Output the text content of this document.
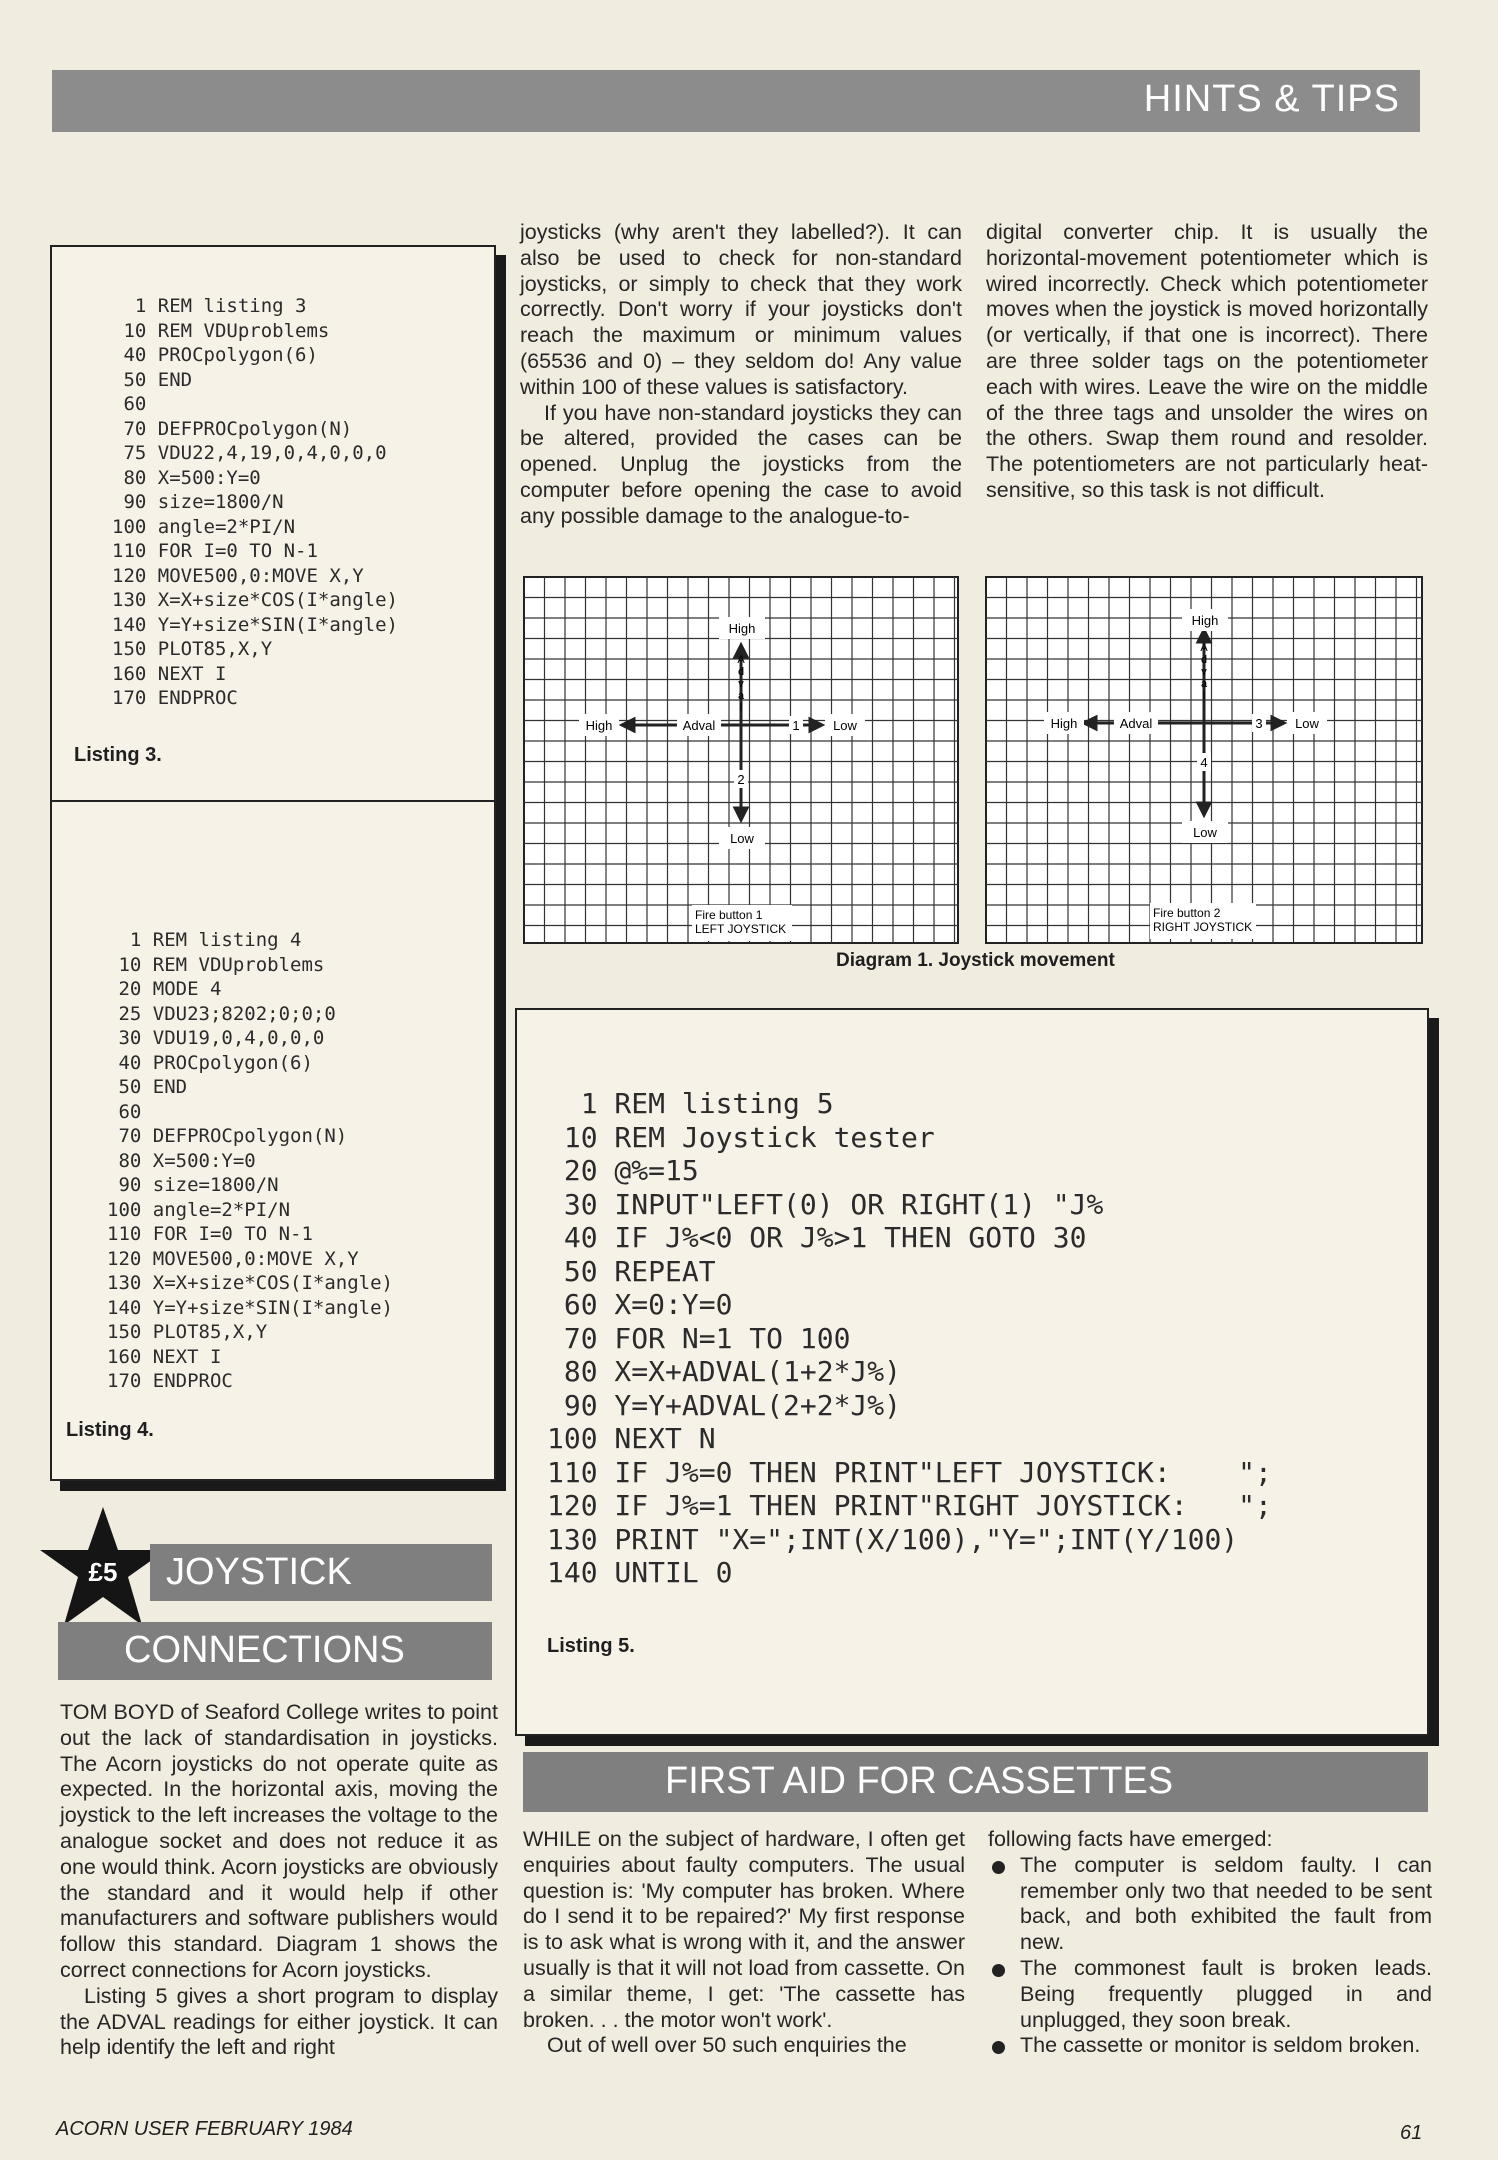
HINTS & TIPS
1 REM listing 3
10 REM VDUproblems
40 PROCpolygon(6)
50 END
60
70 DEFPROCpolygon(N)
75 VDU22,4,19,0,4,0,0,0
80 X=500:Y=0
90 size=1800/N
100 angle=2*PI/N
110 FOR I=0 TO N-1
120 MOVE500,0:MOVE X,Y
130 X=X+size*COS(I*angle)
140 Y=Y+size*SIN(I*angle)
150 PLOT85,X,Y
160 NEXT I
170 ENDPROC
Listing 3.
1 REM listing 4
10 REM VDUproblems
20 MODE 4
25 VDU23;8202;0;0;0
30 VDU19,0,4,0,0,0
40 PROCpolygon(6)
50 END
60
70 DEFPROCpolygon(N)
80 X=500:Y=0
90 size=1800/N
100 angle=2*PI/N
110 FOR I=0 TO N-1
120 MOVE500,0:MOVE X,Y
130 X=X+size*COS(I*angle)
140 Y=Y+size*SIN(I*angle)
150 PLOT85,X,Y
160 NEXT I
170 ENDPROC
Listing 4.
£5 JOYSTICK
CONNECTIONS

TOM BOYD of Seaford College writes to point out the lack of standardisation in joysticks. The Acorn joysticks do not operate quite as expected. In the horizontal axis, moving the joystick to the left increases the voltage to the analogue socket and does not reduce it as one would think. Acorn joysticks are obviously the standard and it would help if other manufacturers and software publishers would follow this standard. Diagram 1 shows the correct connections for Acorn joysticks.

Listing 5 gives a short program to display the ADVAL readings for either joystick. It can help identify the left and right

joysticks (why aren't they labelled?). It can also be used to check for non-standard joysticks, or simply to check that they work correctly. Don't worry if your joysticks don't reach the maximum or minimum values (65536 and 0) – they seldom do! Any value within 100 of these values is satisfactory.

If you have non-standard joysticks they can be altered, provided the cases can be opened. Unplug the joysticks from the computer before opening the case to avoid any possible damage to the analogue-to-

digital converter chip. It is usually the horizontal-movement potentiometer which is wired incorrectly. Check which potentiometer moves when the joystick is moved horizontally (or vertically, if that one is incorrect). There are three solder tags on the potentiometer each with wires. Leave the wire on the middle of the three tags and unsolder the wires on the others. Swap them round and resolder. The potentiometers are not particularly heat-sensitive, so this task is not difficult.

High
Low
High	Low
Adval
A
d
v
a
l
1
2
Fire button 1
LEFT JOYSTICK
High
Low
High	Low
Adval
A
d
v
a
l
3
4
Fire button 2
RIGHT JOYSTICK
Diagram 1. Joystick movement
1 REM listing 5
10 REM Joystick tester
20 @%=15
30 INPUT"LEFT(0) OR RIGHT(1) "J%
40 IF J%<0 OR J%>1 THEN GOTO 30
50 REPEAT
60 X=0:Y=0
70 FOR N=1 TO 100
80 X=X+ADVAL(1+2*J%)
90 Y=Y+ADVAL(2+2*J%)
100 NEXT N
110 IF J%=0 THEN PRINT"LEFT JOYSTICK:    ";
120 IF J%=1 THEN PRINT"RIGHT JOYSTICK:   ";
130 PRINT "X=";INT(X/100),"Y=";INT(Y/100)
140 UNTIL 0
Listing 5.
FIRST AID FOR CASSETTES

WHILE on the subject of hardware, I often get enquiries about faulty computers. The usual question is: 'My computer has broken. Where do I send it to be repaired?' My first response is to ask what is wrong with it, and the answer usually is that it will not load from cassette. On a similar theme, I get: 'The cassette has broken. . . the motor won't work'.

Out of well over 50 such enquiries the

following facts have emerged:

The computer is seldom faulty. I can remember only two that needed to be sent back, and both exhibited the fault from new.
The commonest fault is broken leads. Being frequently plugged in and unplugged, they soon break.
The cassette or monitor is seldom broken.
ACORN USER FEBRUARY 1984	61
